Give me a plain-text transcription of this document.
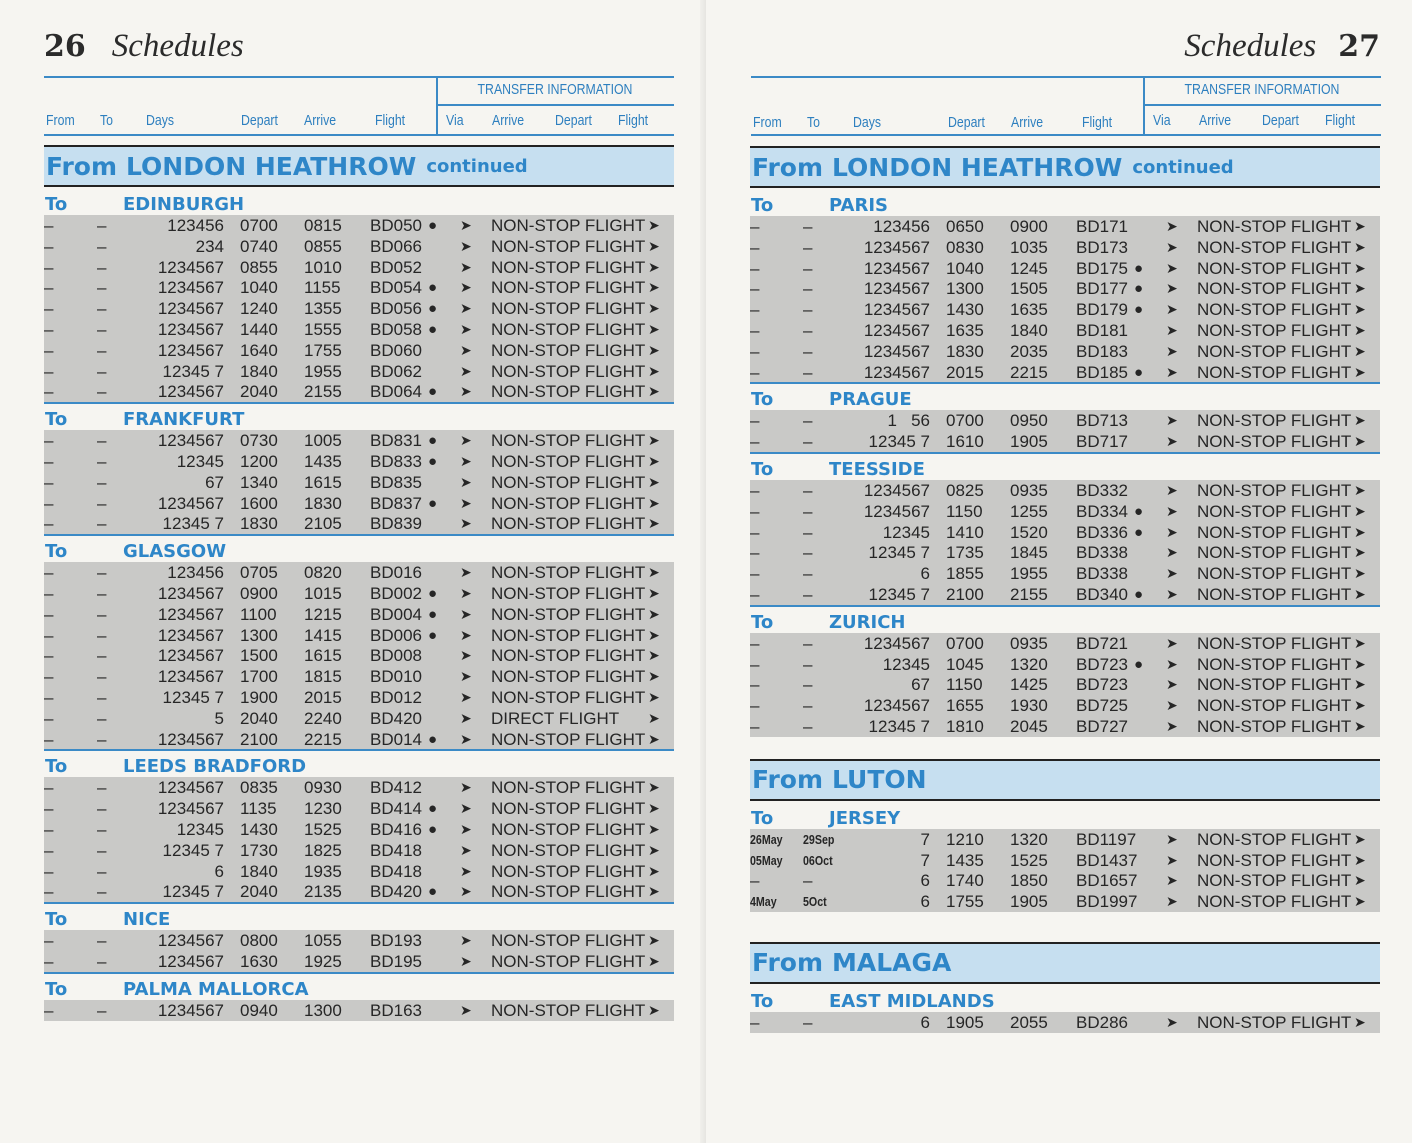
26 Schedules
TRANSFER INFORMATION
From To Days	Depart Arrive	Flight	Via Arrive Depart Flight
From LONDON HEATHROW continued
To	EDINBURGH
–	–	123456 0700 0815 BD050 ● ➤ NON-STOP FLIGHT ➤
–	–	234 0740 0855 BD066	➤ NON-STOP FLIGHT ➤
–	–	1234567 0855 1010 BD052	➤ NON-STOP FLIGHT ➤
–	–	1234567 1040 1155 BD054 ● ➤ NON-STOP FLIGHT ➤
–	–	1234567 1240 1355 BD056 ● ➤ NON-STOP FLIGHT ➤
–	–	1234567 1440 1555 BD058 ● ➤ NON-STOP FLIGHT ➤
–	–	1234567 1640 1755 BD060	➤ NON-STOP FLIGHT ➤
–	–	12345 7 1840 1955 BD062	➤ NON-STOP FLIGHT ➤
–	–	1234567 2040 2155 BD064 ● ➤ NON-STOP FLIGHT ➤
To	FRANKFURT
–	–	1234567 0730 1005 BD831 ● ➤ NON-STOP FLIGHT ➤
–	–	12345 1200 1435 BD833 ● ➤ NON-STOP FLIGHT ➤
–	–	67 1340 1615 BD835	➤ NON-STOP FLIGHT ➤
–	–	1234567 1600 1830 BD837 ● ➤ NON-STOP FLIGHT ➤
–	–	12345 7 1830 2105 BD839	➤ NON-STOP FLIGHT ➤
To	GLASGOW
–	–	123456 0705 0820 BD016	➤ NON-STOP FLIGHT ➤
–	–	1234567 0900 1015 BD002 ● ➤ NON-STOP FLIGHT ➤
–	–	1234567 1100 1215 BD004 ● ➤ NON-STOP FLIGHT ➤
–	–	1234567 1300 1415 BD006 ● ➤ NON-STOP FLIGHT ➤
–	–	1234567 1500 1615 BD008	➤ NON-STOP FLIGHT ➤
–	–	1234567 1700 1815 BD010	➤ NON-STOP FLIGHT ➤
–	–	12345 7 1900 2015 BD012	➤ NON-STOP FLIGHT ➤
–	–	5 2040 2240 BD420	➤ DIRECT FLIGHT ➤
–	–	1234567 2100 2215 BD014 ● ➤ NON-STOP FLIGHT ➤
To	LEEDS BRADFORD
–	–	1234567 0835 0930 BD412	➤ NON-STOP FLIGHT ➤
–	–	1234567 1135 1230 BD414 ● ➤ NON-STOP FLIGHT ➤
–	–	12345 1430 1525 BD416 ● ➤ NON-STOP FLIGHT ➤
–	–	12345 7 1730 1825 BD418	➤ NON-STOP FLIGHT ➤
–	–	6 1840 1935 BD418	➤ NON-STOP FLIGHT ➤
–	–	12345 7 2040 2135 BD420 ● ➤ NON-STOP FLIGHT ➤
To	NICE
–	–	1234567 0800 1055 BD193	➤ NON-STOP FLIGHT ➤
–	–	1234567 1630 1925 BD195	➤ NON-STOP FLIGHT ➤
To	PALMA MALLORCA
–	–	1234567 0940 1300 BD163	➤ NON-STOP FLIGHT ➤
Schedules 27
TRANSFER INFORMATION
From To Days	Depart Arrive	Flight	Via Arrive Depart Flight
From LONDON HEATHROW continued
To	PARIS
–	–	123456 0650 0900 BD171	➤ NON-STOP FLIGHT ➤
–	–	1234567 0830 1035 BD173	➤ NON-STOP FLIGHT ➤
–	–	1234567 1040 1245 BD175 ● ➤ NON-STOP FLIGHT ➤
–	–	1234567 1300 1505 BD177 ● ➤ NON-STOP FLIGHT ➤
–	–	1234567 1430 1635 BD179 ● ➤ NON-STOP FLIGHT ➤
–	–	1234567 1635 1840 BD181	➤ NON-STOP FLIGHT ➤
–	–	1234567 1830 2035 BD183	➤ NON-STOP FLIGHT ➤
–	–	1234567 2015 2215 BD185 ● ➤ NON-STOP FLIGHT ➤
To	PRAGUE
–	–	1   56 0700 0950 BD713	➤ NON-STOP FLIGHT ➤
–	–	12345 7 1610 1905 BD717	➤ NON-STOP FLIGHT ➤
To	TEESSIDE
–	–	1234567 0825 0935 BD332	➤ NON-STOP FLIGHT ➤
–	–	1234567 1150 1255 BD334 ● ➤ NON-STOP FLIGHT ➤
–	–	12345 1410 1520 BD336 ● ➤ NON-STOP FLIGHT ➤
–	–	12345 7 1735 1845 BD338	➤ NON-STOP FLIGHT ➤
–	–	6 1855 1955 BD338	➤ NON-STOP FLIGHT ➤
–	–	12345 7 2100 2155 BD340 ● ➤ NON-STOP FLIGHT ➤
To	ZURICH
–	–	1234567 0700 0935 BD721	➤ NON-STOP FLIGHT ➤
–	–	12345 1045 1320 BD723 ● ➤ NON-STOP FLIGHT ➤
–	–	67 1150 1425 BD723	➤ NON-STOP FLIGHT ➤
–	–	1234567 1655 1930 BD725	➤ NON-STOP FLIGHT ➤
–	–	12345 7 1810 2045 BD727	➤ NON-STOP FLIGHT ➤
From LUTON
To	JERSEY
26May 29Sep	7 1210 1320 BD1197 ➤ NON-STOP FLIGHT ➤
05May 06Oct	7 1435 1525 BD1437 ➤ NON-STOP FLIGHT ➤
–	–	6 1740 1850 BD1657 ➤ NON-STOP FLIGHT ➤
4May	5Oct	6 1755 1905 BD1997 ➤ NON-STOP FLIGHT ➤
From MALAGA
To	EAST MIDLANDS
–	–	6 1905 2055 BD286	➤ NON-STOP FLIGHT ➤
